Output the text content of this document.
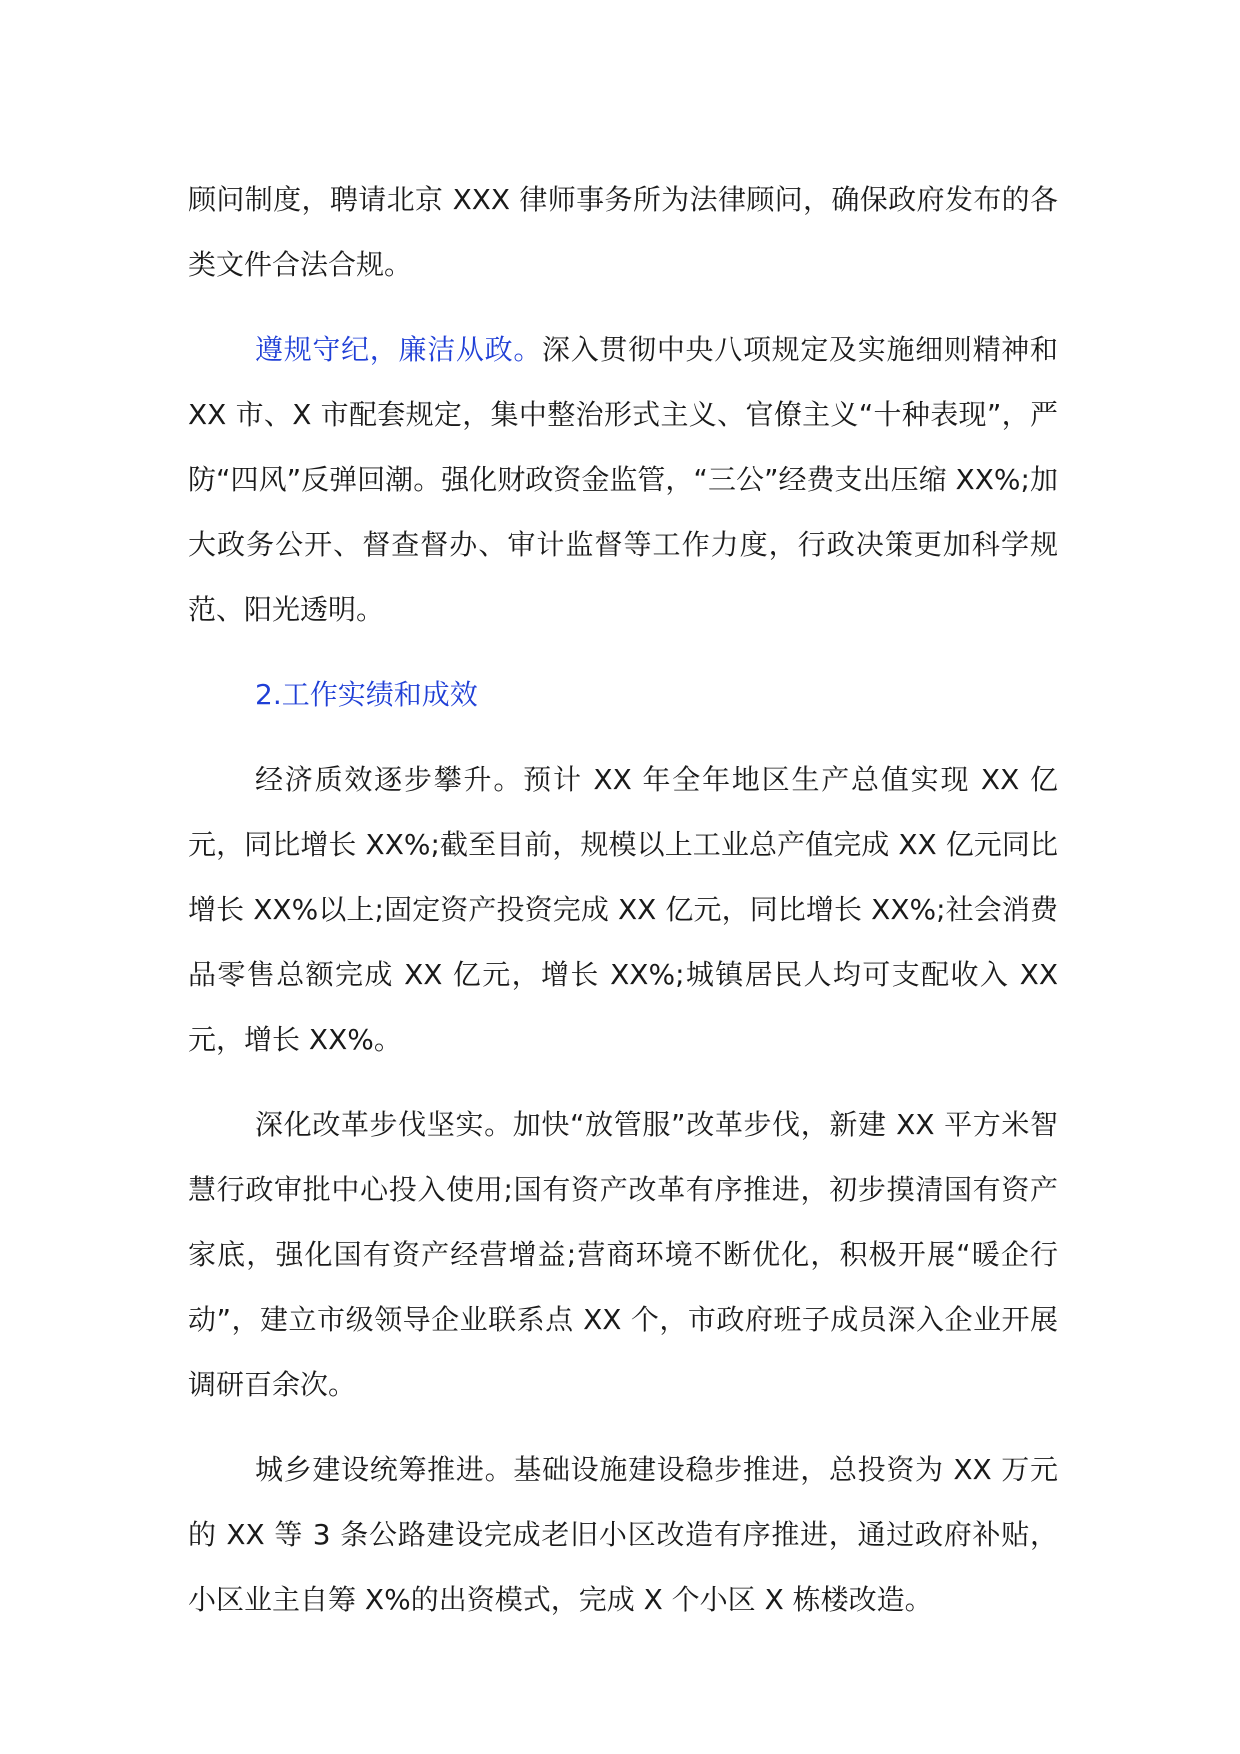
顾问制度，聘请北京 XXX 律师事务所为法律顾问，确保政府发布的各类文件合法合规。

遵规守纪，廉洁从政。深入贯彻中央八项规定及实施细则精神和 XX 市、X 市配套规定，集中整治形式主义、官僚主义“十种表现”，严防“四风”反弹回潮。强化财政资金监管，“三公”经费支出压缩 XX%;加大政务公开、督查督办、审计监督等工作力度，行政决策更加科学规范、阳光透明。

2.工作实绩和成效

经济质效逐步攀升。预计 XX 年全年地区生产总值实现 XX 亿元，同比增长 XX%;截至目前，规模以上工业总产值完成 XX 亿元同比增长 XX%以上;固定资产投资完成 XX 亿元，同比增长 XX%;社会消费品零售总额完成 XX 亿元，增长 XX%;城镇居民人均可支配收入 XX 元，增长 XX%。

深化改革步伐坚实。加快“放管服”改革步伐，新建 XX 平方米智慧行政审批中心投入使用;国有资产改革有序推进，初步摸清国有资产家底，强化国有资产经营增益;营商环境不断优化，积极开展“暖企行动”，建立市级领导企业联系点 XX 个，市政府班子成员深入企业开展调研百余次。

城乡建设统筹推进。基础设施建设稳步推进，总投资为 XX 万元的 XX 等 3 条公路建设完成老旧小区改造有序推进，通过政府补贴，小区业主自筹 X%的出资模式，完成 X 个小区 X 栋楼改造。
